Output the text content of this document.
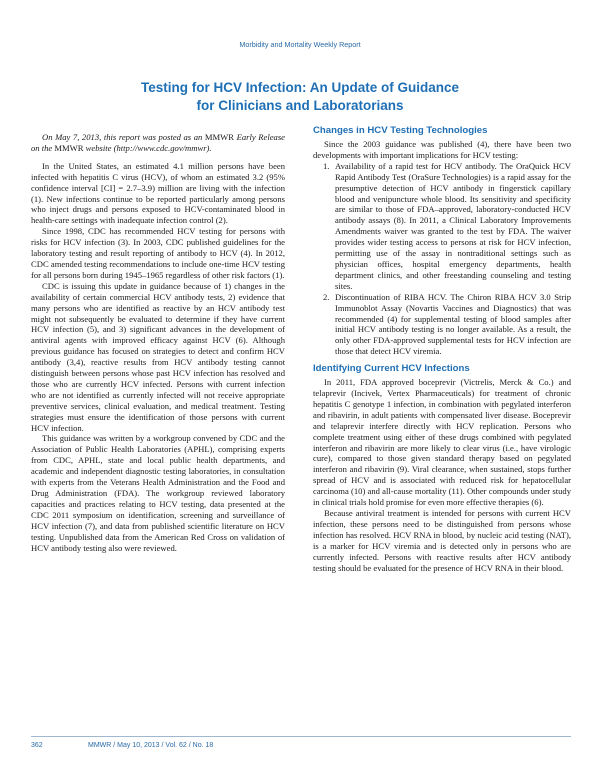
Morbidity and Mortality Weekly Report
Testing for HCV Infection: An Update of Guidance
for Clinicians and Laboratorians

On May 7, 2013, this report was posted as an MMWR Early Release on the MMWR website (http://www.cdc.gov/mmwr).

In the United States, an estimated 4.1 million persons have been infected with hepatitis C virus (HCV), of whom an estimated 3.2 (95% confidence interval [CI] = 2.7–3.9) million are living with the infection (1). New infections continue to be reported particularly among persons who inject drugs and persons exposed to HCV-contaminated blood in health-care settings with inadequate infection control (2).

Since 1998, CDC has recommended HCV testing for persons with risks for HCV infection (3). In 2003, CDC published guidelines for the laboratory testing and result reporting of antibody to HCV (4). In 2012, CDC amended testing recommendations to include one-time HCV testing for all persons born during 1945–1965 regardless of other risk factors (1).

CDC is issuing this update in guidance because of 1) changes in the availability of certain commercial HCV antibody tests, 2) evidence that many persons who are identified as reactive by an HCV antibody test might not subsequently be evaluated to determine if they have current HCV infection (5), and 3) significant advances in the development of antiviral agents with improved efficacy against HCV (6). Although previous guidance has focused on strategies to detect and confirm HCV antibody (3,4), reactive results from HCV antibody testing cannot distinguish between persons whose past HCV infection has resolved and those who are currently HCV infected. Persons with current infection who are not identified as currently infected will not receive appropriate preventive services, clinical evaluation, and medical treatment. Testing strategies must ensure the identification of those persons with current HCV infection.

This guidance was written by a workgroup convened by CDC and the Association of Public Health Laboratories (APHL), comprising experts from CDC, APHL, state and local public health departments, and academic and independent diagnostic testing laboratories, in consultation with experts from the Veterans Health Administration and the Food and Drug Administration (FDA). The workgroup reviewed laboratory capacities and practices relating to HCV testing, data presented at the CDC 2011 symposium on identification, screening and surveillance of HCV infection (7), and data from published scientific literature on HCV testing. Unpublished data from the American Red Cross on validation of HCV antibody testing also were reviewed.

Changes in HCV Testing Technologies

Since the 2003 guidance was published (4), there have been two developments with important implications for HCV testing:

1. Availability of a rapid test for HCV antibody. The OraQuick HCV Rapid Antibody Test (OraSure Technologies) is a rapid assay for the presumptive detection of HCV antibody in fingerstick capillary blood and venipuncture whole blood. Its sensitivity and specificity are similar to those of FDA–approved, laboratory-conducted HCV antibody assays (8). In 2011, a Clinical Laboratory Improvements Amendments waiver was granted to the test by FDA. The waiver provides wider testing access to persons at risk for HCV infection, permitting use of the assay in nontraditional settings such as physician offices, hospital emergency departments, health department clinics, and other freestanding counseling and testing sites.
2. Discontinuation of RIBA HCV. The Chiron RIBA HCV 3.0 Strip Immunoblot Assay (Novartis Vaccines and Diagnostics) that was recommended (4) for supplemental testing of blood samples after initial HCV antibody testing is no longer available. As a result, the only other FDA-approved supplemental tests for HCV infection are those that detect HCV viremia.
Identifying Current HCV Infections

In 2011, FDA approved boceprevir (Victrelis, Merck & Co.) and telaprevir (Incivek, Vertex Pharmaceuticals) for treatment of chronic hepatitis C genotype 1 infection, in combination with pegylated interferon and ribavirin, in adult patients with compensated liver disease. Boceprevir and telaprevir interfere directly with HCV replication. Persons who complete treatment using either of these drugs combined with pegylated interferon and ribavirin are more likely to clear virus (i.e., have virologic cure), compared to those given standard therapy based on pegylated interferon and ribavirin (9). Viral clearance, when sustained, stops further spread of HCV and is associated with reduced risk for hepatocellular carcinoma (10) and all-cause mortality (11). Other compounds under study in clinical trials hold promise for even more effective therapies (6).

Because antiviral treatment is intended for persons with current HCV infection, these persons need to be distinguished from persons whose infection has resolved. HCV RNA in blood, by nucleic acid testing (NAT), is a marker for HCV viremia and is detected only in persons who are currently infected. Persons with reactive results after HCV antibody testing should be evaluated for the presence of HCV RNA in their blood.

362	MMWR / May 10, 2013 / Vol. 62 / No. 18
